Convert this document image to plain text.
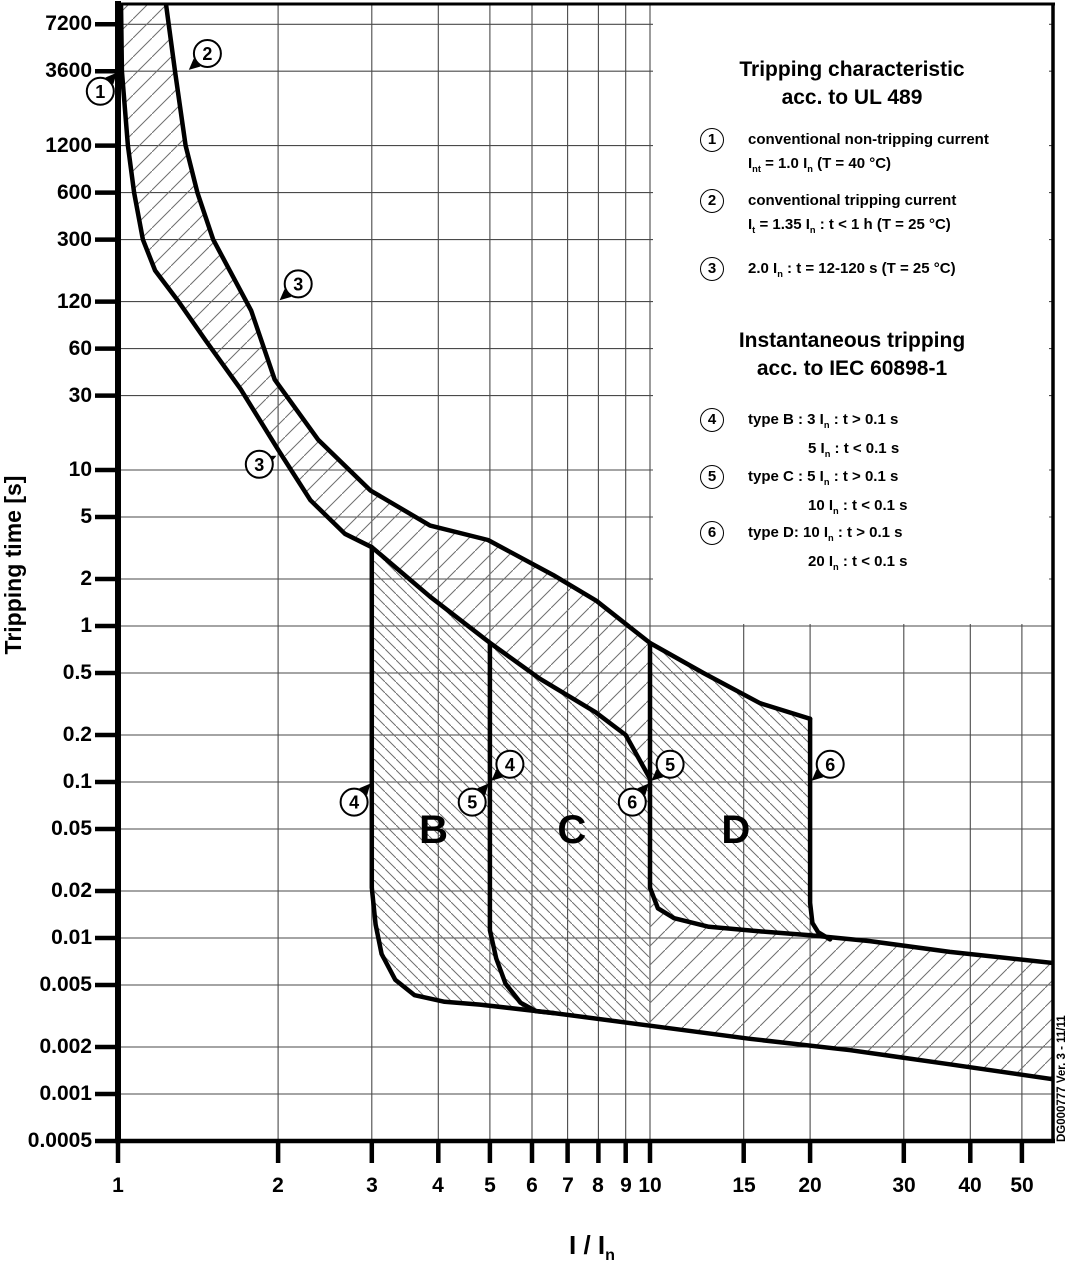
B	C	D
1
2
3
3
4
4
5
5
6
6
7200
3600
1200
600
300
120
60
30
10
5
2
1
0.5
0.2
0.1
0.05
0.02
0.01
0.005
0.002
0.001
0.0005
1	2	3	4	5	6	7 8 9 10	15	20	30	40	50
Tripping time [s]
I / $I_n$
DG000777 Ver. 3 - 11/11
Tripping characteristic
acc. to UL 489
Instantaneous tripping
acc. to IEC 60898-1
1	conventional non-tripping current
$I_{nt} = 1.0$ $I_n$ (T = 40 °C)
2	conventional tripping current
$I_t = 1.35$ $I_n$ : t < 1 h (T = 25 °C)
3	2.0 $I_n$ : t = 12-120 s (T = 25 °C)
4	type B : 3 $I_n$ : t > 0.1 s
5 $I_n$ : t < 0.1 s
5	type C : 5 $I_n$ : t > 0.1 s
10 $I_n$ : t < 0.1 s
6	type D: 10 $I_n$ : t > 0.1 s
20 $I_n$ : t < 0.1 s
